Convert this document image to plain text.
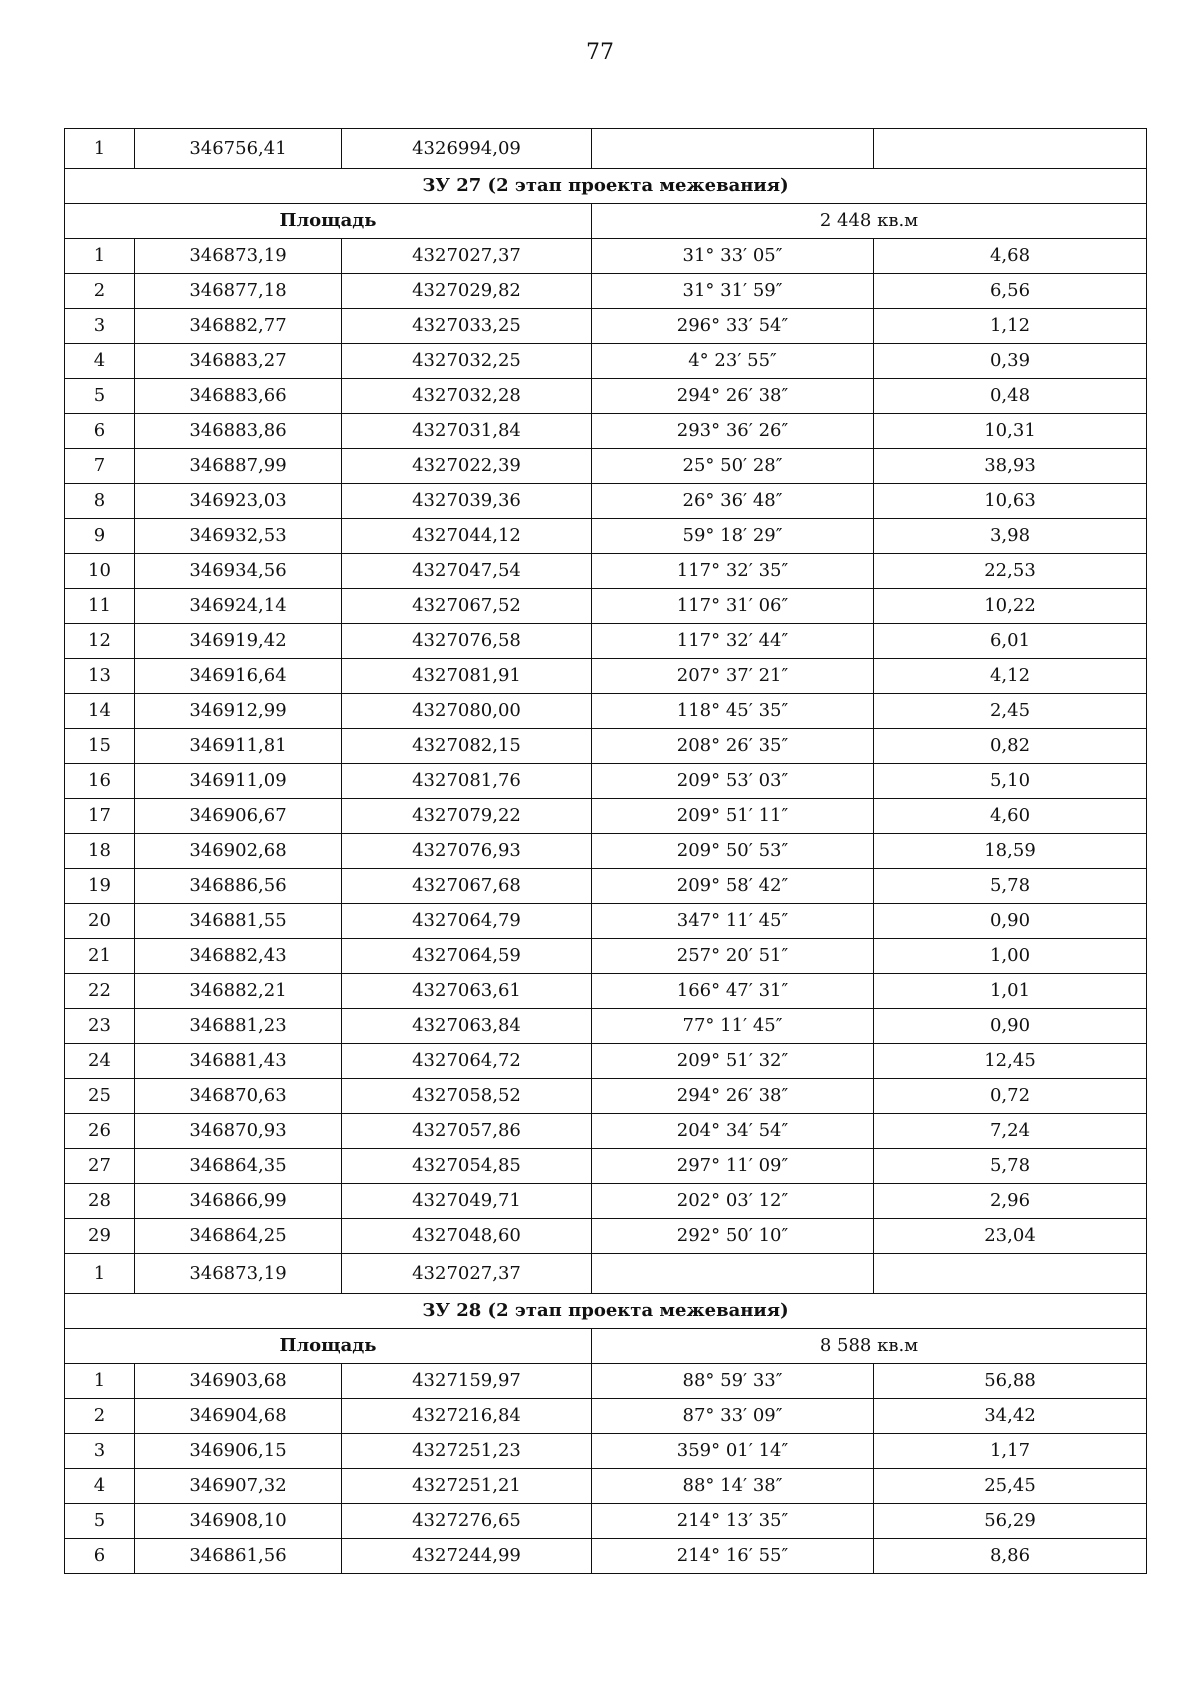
77
1	346756,41	4326994,09		
ЗУ 27 (2 этап проекта межевания)				
Площадь			2 448 кв.м	
1	346873,19	4327027,37	31° 33′ 05″	4,68
2	346877,18	4327029,82	31° 31′ 59″	6,56
3	346882,77	4327033,25	296° 33′ 54″	1,12
4	346883,27	4327032,25	4° 23′ 55″	0,39
5	346883,66	4327032,28	294° 26′ 38″	0,48
6	346883,86	4327031,84	293° 36′ 26″	10,31
7	346887,99	4327022,39	25° 50′ 28″	38,93
8	346923,03	4327039,36	26° 36′ 48″	10,63
9	346932,53	4327044,12	59° 18′ 29″	3,98
10	346934,56	4327047,54	117° 32′ 35″	22,53
11	346924,14	4327067,52	117° 31′ 06″	10,22
12	346919,42	4327076,58	117° 32′ 44″	6,01
13	346916,64	4327081,91	207° 37′ 21″	4,12
14	346912,99	4327080,00	118° 45′ 35″	2,45
15	346911,81	4327082,15	208° 26′ 35″	0,82
16	346911,09	4327081,76	209° 53′ 03″	5,10
17	346906,67	4327079,22	209° 51′ 11″	4,60
18	346902,68	4327076,93	209° 50′ 53″	18,59
19	346886,56	4327067,68	209° 58′ 42″	5,78
20	346881,55	4327064,79	347° 11′ 45″	0,90
21	346882,43	4327064,59	257° 20′ 51″	1,00
22	346882,21	4327063,61	166° 47′ 31″	1,01
23	346881,23	4327063,84	77° 11′ 45″	0,90
24	346881,43	4327064,72	209° 51′ 32″	12,45
25	346870,63	4327058,52	294° 26′ 38″	0,72
26	346870,93	4327057,86	204° 34′ 54″	7,24
27	346864,35	4327054,85	297° 11′ 09″	5,78
28	346866,99	4327049,71	202° 03′ 12″	2,96
29	346864,25	4327048,60	292° 50′ 10″	23,04
1	346873,19	4327027,37		
ЗУ 28 (2 этап проекта межевания)				
Площадь			8 588 кв.м	
1	346903,68	4327159,97	88° 59′ 33″	56,88
2	346904,68	4327216,84	87° 33′ 09″	34,42
3	346906,15	4327251,23	359° 01′ 14″	1,17
4	346907,32	4327251,21	88° 14′ 38″	25,45
5	346908,10	4327276,65	214° 13′ 35″	56,29
6	346861,56	4327244,99	214° 16′ 55″	8,86
